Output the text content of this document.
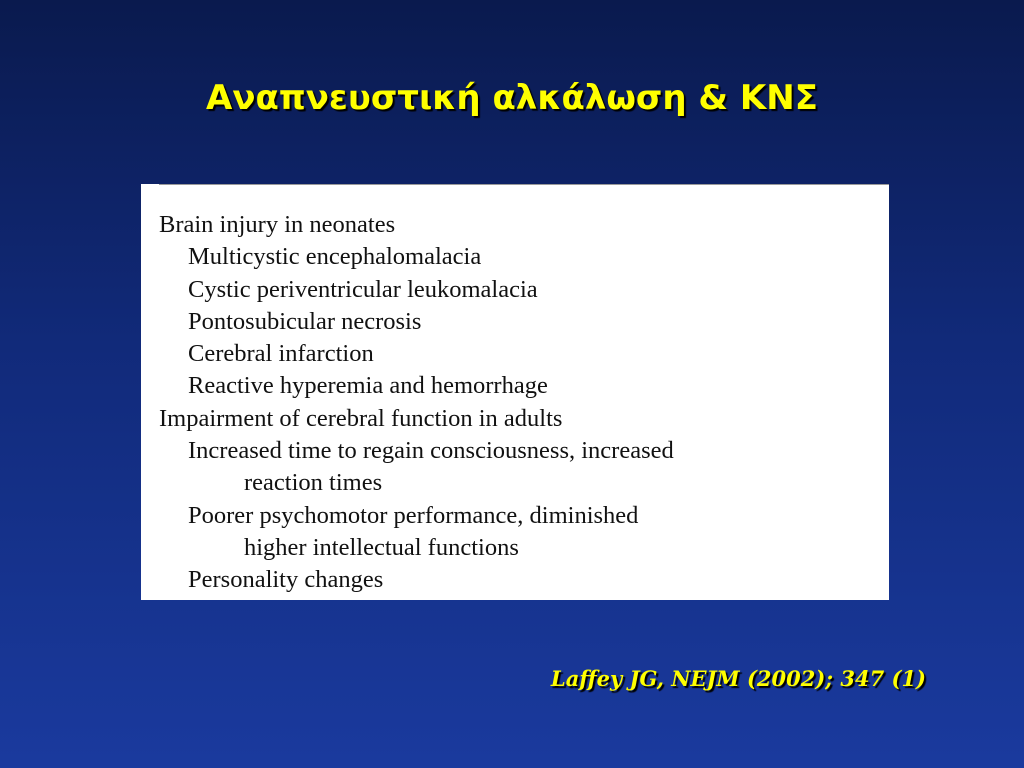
Αναπνευστική αλκάλωση & ΚΝΣ
Brain injury in neonates
Multicystic encephalomalacia
Cystic periventricular leukomalacia
Pontosubicular necrosis
Cerebral infarction
Reactive hyperemia and hemorrhage
Impairment of cerebral function in adults
Increased time to regain consciousness, increased
reaction times
Poorer psychomotor performance, diminished
higher intellectual functions
Personality changes
Laffey JG, NEJM (2002); 347 (1)
